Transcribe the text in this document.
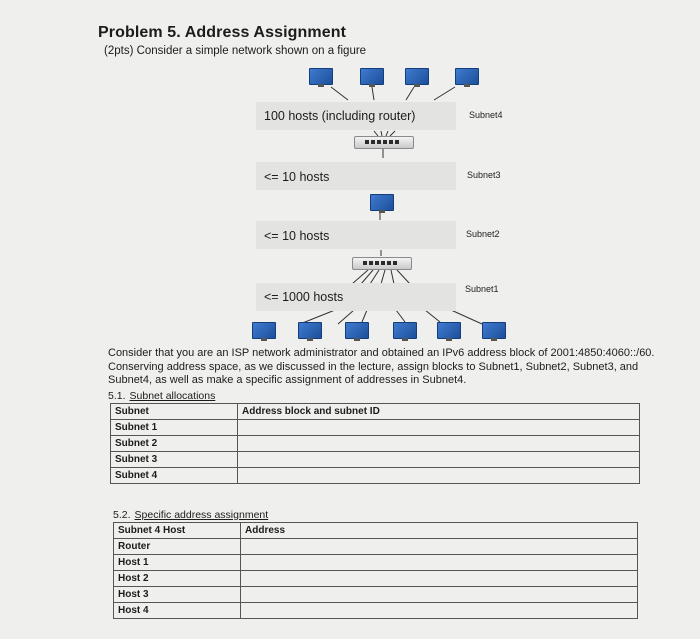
Problem 5. Address Assignment
(2pts) Consider a simple network shown on a figure
100 hosts (including router)	Subnet4
<= 10 hosts	Subnet3
<= 10 hosts	Subnet2
<= 1000 hosts
Subnet1
Consider that you are an ISP network administrator and obtained an IPv6 address block of 2001:4850:4060::/60. Conserving address space, as we discussed in the lecture, assign blocks to Subnet1, Subnet2, Subnet3, and Subnet4, as well as make a specific assignment of addresses in Subnet4.
5.1. Subnet allocations
Subnet	Address block and subnet ID
Subnet 1	
Subnet 2	
Subnet 3	
Subnet 4	
5.2. Specific address assignment
Subnet 4 Host	Address
Router	
Host 1	
Host 2	
Host 3	
Host 4	
